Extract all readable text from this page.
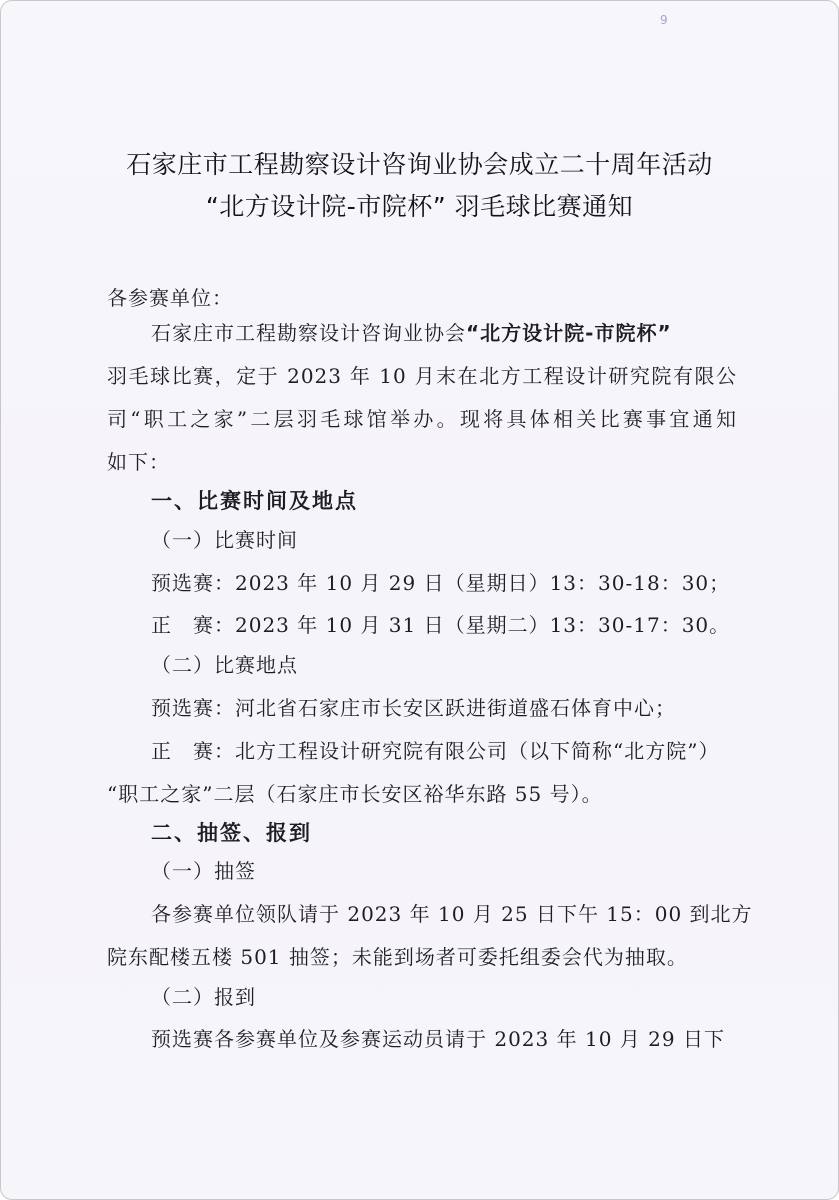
9
石家庄市工程勘察设计咨询业协会成立二十周年活动
“北方设计院-市院杯” 羽毛球比赛通知
各参赛单位：
石家庄市工程勘察设计咨询业协会“北方设计院-市院杯”
羽毛球比赛，定于 2023 年 10 月末在北方工程设计研究院有限公
司“职工之家”二层羽毛球馆举办。现将具体相关比赛事宜通知
如下：
一、比赛时间及地点
（一）比赛时间
预选赛：2023 年 10 月 29 日（星期日）13：30-18：30；
正　赛：2023 年 10 月 31 日（星期二）13：30-17：30。
（二）比赛地点
预选赛：河北省石家庄市长安区跃进街道盛石体育中心；
正　赛：北方工程设计研究院有限公司（以下简称“北方院”）
“职工之家”二层（石家庄市长安区裕华东路 55 号）。
二、抽签、报到
（一）抽签
各参赛单位领队请于 2023 年 10 月 25 日下午 15：00 到北方
院东配楼五楼 501 抽签；未能到场者可委托组委会代为抽取。
（二）报到
预选赛各参赛单位及参赛运动员请于 2023 年 10 月 29 日下
